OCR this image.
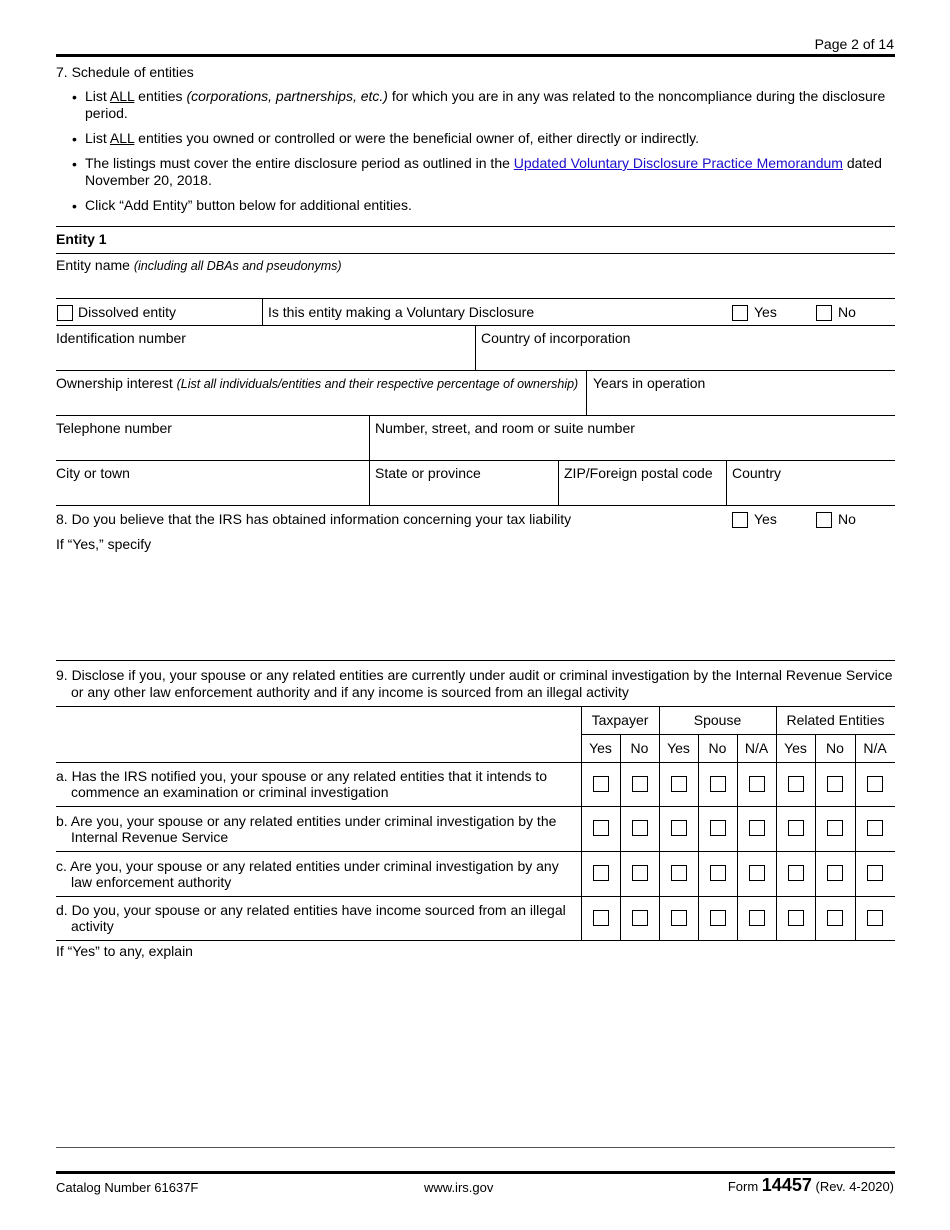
Page 2 of 14
7. Schedule of entities
• List ALL entities (corporations, partnerships, etc.) for which you are in any was related to the noncompliance during the disclosure
period.
• List ALL entities you owned or controlled or were the beneficial owner of, either directly or indirectly.
• The listings must cover the entire disclosure period as outlined in the Updated Voluntary Disclosure Practice Memorandum dated
November 20, 2018.
• Click “Add Entity” button below for additional entities.
Entity 1
Entity name (including all DBAs and pseudonyms)
Dissolved entity	Is this entity making a Voluntary Disclosure	Yes	No
Identification number	Country of incorporation
Ownership interest (List all individuals/entities and their respective percentage of ownership) Years in operation
Telephone number	Number, street, and room or suite number
City or town	State or province	ZIP/Foreign postal code Country
8. Do you believe that the IRS has obtained information concerning your tax liability	Yes	No
If “Yes,” specify
9. Disclose if you, your spouse or any related entities are currently under audit or criminal investigation by the Internal Revenue Service
or any other law enforcement authority and if any income is sourced from an illegal activity
Taxpayer	Spouse	Related Entities
Yes	No	Yes	No	N/A	Yes	No	N/A
a. Has the IRS notified you, your spouse or any related entities that it intends to
commence an examination or criminal investigation
b. Are you, your spouse or any related entities under criminal investigation by the
Internal Revenue Service
c. Are you, your spouse or any related entities under criminal investigation by any
law enforcement authority
d. Do you, your spouse or any related entities have income sourced from an illegal
activity
If “Yes” to any, explain
Catalog Number 61637F	www.irs.gov	Form 14457 (Rev. 4-2020)
